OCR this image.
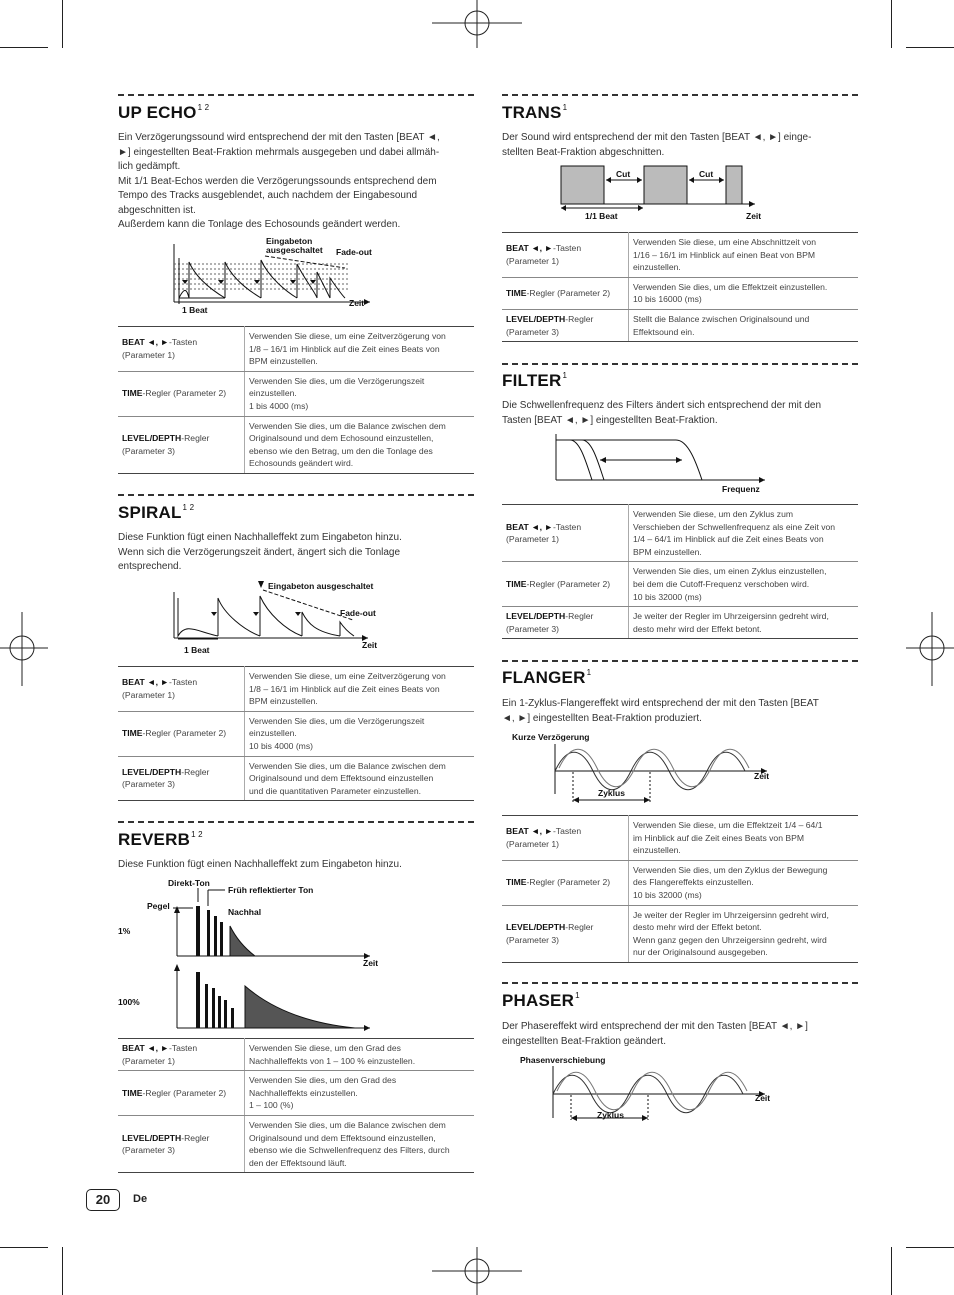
UP $ECHO^{1 2}$

Ein Verzögerungssound wird entsprechend der mit den Tasten [BEAT ◄,

►] eingestellten Beat-Fraktion mehrmals ausgegeben und dabei allmäh-

lich gedämpft.

Mit 1/1 Beat-Echos werden die Verzögerungssounds entsprechend dem

Tempo des Tracks ausgeblendet, auch nachdem der Eingabesound

abgeschnitten ist.

Außerdem kann die Tonlage des Echosounds geändert werden.

1 Beat
Eingabeton
ausgeschaltet Fade-out
Zeit
BEAT ◄, ►-Tasten
(Parameter 1)	Verwenden Sie diese, um eine Zeitverzögerung von
1/8 – 16/1 im Hinblick auf die Zeit eines Beats von
BPM einzustellen.
TIME-Regler (Parameter 2)	Verwenden Sie dies, um die Verzögerungszeit
einzustellen.
1 bis 4000 (ms)
LEVEL/DEPTH-Regler
(Parameter 3)	Verwenden Sie dies, um die Balance zwischen dem
Originalsound und dem Echosound einzustellen,
ebenso wie den Betrag, um den die Tonlage des
Echosounds geändert wird.
$SPIRAL^{1 2}$

Diese Funktion fügt einen Nachhalleffekt zum Eingabeton hinzu.

Wenn sich die Verzögerungszeit ändert, ängert sich die Tonlage

entsprechend.

1 Beat
Eingabeton ausgeschaltet
Fade-out
Zeit
BEAT ◄, ►-Tasten
(Parameter 1)	Verwenden Sie diese, um eine Zeitverzögerung von
1/8 – 16/1 im Hinblick auf die Zeit eines Beats von
BPM einzustellen.
TIME-Regler (Parameter 2)	Verwenden Sie dies, um die Verzögerungszeit
einzustellen.
10 bis 4000 (ms)
LEVEL/DEPTH-Regler
(Parameter 3)	Verwenden Sie dies, um die Balance zwischen dem
Originalsound und dem Effektsound einzustellen
und die quantitativen Parameter einzustellen.
$REVERB^{1 2}$

Diese Funktion fügt einen Nachhalleffekt zum Eingabeton hinzu.

Direkt-Ton
Früh reflektierter Ton
Pegel
Nachhal
1%
100%
Zeit
BEAT ◄, ►-Tasten
(Parameter 1)	Verwenden Sie diese, um den Grad des
Nachhalleffekts von 1 – 100 % einzustellen.
TIME-Regler (Parameter 2)	Verwenden Sie dies, um den Grad des
Nachhalleffekts einzustellen.
1 – 100 (%)
LEVEL/DEPTH-Regler
(Parameter 3)	Verwenden Sie dies, um die Balance zwischen dem
Originalsound und dem Effektsound einzustellen,
ebenso wie die Schwellenfrequenz des Filters, durch
den der Effektsound läuft.
TRANS$^1$

Der Sound wird entsprechend der mit den Tasten [BEAT ◄, ►] einge-

stellten Beat-Fraktion abgeschnitten.

Cut	Cut
1/1 Beat	Zeit
BEAT ◄, ►-Tasten
(Parameter 1)	Verwenden Sie diese, um eine Abschnittzeit von
1/16 – 16/1 im Hinblick auf einen Beat von BPM
einzustellen.
TIME-Regler (Parameter 2)	Verwenden Sie dies, um die Effektzeit einzustellen.
10 bis 16000 (ms)
LEVEL/DEPTH-Regler
(Parameter 3)	Stellt die Balance zwischen Originalsound und
Effektsound ein.
FILTER$^1$

Die Schwellenfrequenz des Filters ändert sich entsprechend der mit den

Tasten [BEAT ◄, ►] eingestellten Beat-Fraktion.

Frequenz
BEAT ◄, ►-Tasten
(Parameter 1)	Verwenden Sie diese, um den Zyklus zum
Verschieben der Schwellenfrequenz als eine Zeit von
1/4 – 64/1 im Hinblick auf die Zeit eines Beats von
BPM einzustellen.
TIME-Regler (Parameter 2)	Verwenden Sie dies, um einen Zyklus einzustellen,
bei dem die Cutoff-Frequenz verschoben wird.
10 bis 32000 (ms)
LEVEL/DEPTH-Regler
(Parameter 3)	Je weiter der Regler im Uhrzeigersinn gedreht wird,
desto mehr wird der Effekt betont.
FLANGER$^1$

Ein 1-Zyklus-Flangereffekt wird entsprechend der mit den Tasten [BEAT

◄, ►] eingestellten Beat-Fraktion produziert.

Kurze Verzögerung
Zeit
Zyklus
BEAT ◄, ►-Tasten
(Parameter 1)	Verwenden Sie diese, um die Effektzeit 1/4 – 64/1
im Hinblick auf die Zeit eines Beats von BPM
einzustellen.
TIME-Regler (Parameter 2)	Verwenden Sie dies, um den Zyklus der Bewegung
des Flangereffekts einzustellen.
10 bis 32000 (ms)
LEVEL/DEPTH-Regler
(Parameter 3)	Je weiter der Regler im Uhrzeigersinn gedreht wird,
desto mehr wird der Effekt betont.
Wenn ganz gegen den Uhrzeigersinn gedreht, wird
nur der Originalsound ausgegeben.
PHASER$^1$

Der Phasereffekt wird entsprechend der mit den Tasten [BEAT ◄, ►]

eingestellten Beat-Fraktion geändert.

Phasenverschiebung
Zeit
Zyklus
20	De
